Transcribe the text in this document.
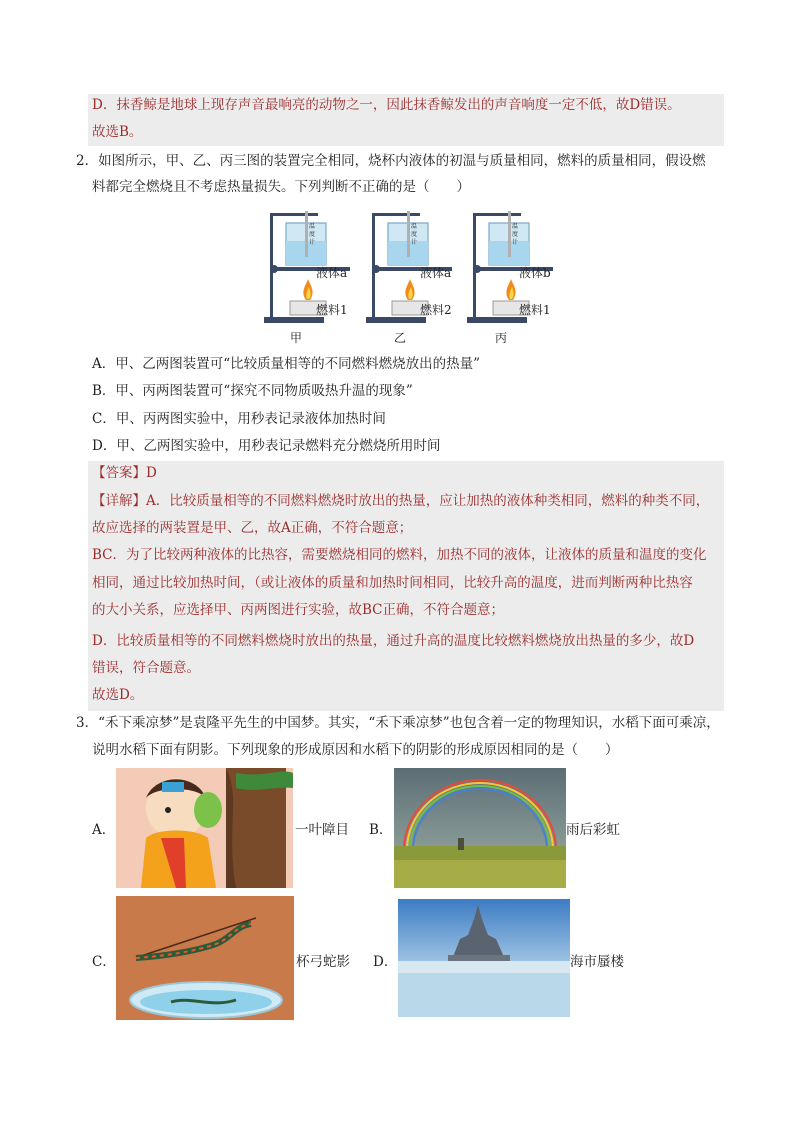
D．抹香鲸是地球上现存声音最响亮的动物之一，因此抹香鲸发出的声音响度一定不低，故D错误。
故选B。
2．如图所示，甲、乙、丙三图的装置完全相同，烧杯内液体的初温与质量相同，燃料的质量相同，假设燃
料都完全燃烧且不考虑热量损失。下列判断不正确的是（　　）
温度计
液体a
燃料1
甲
温度计
液体a
燃料2
乙
温度计
液体b
燃料1
丙
A．甲、乙两图装置可“比较质量相等的不同燃料燃烧放出的热量”
B．甲、丙两图装置可“探究不同物质吸热升温的现象”
C．甲、丙两图实验中，用秒表记录液体加热时间
D．甲、乙两图实验中，用秒表记录燃料充分燃烧所用时间
【答案】D
【详解】A．比较质量相等的不同燃料燃烧时放出的热量，应让加热的液体种类相同，燃料的种类不同，
故应选择的两装置是甲、乙，故A正确，不符合题意；
BC．为了比较两种液体的比热容，需要燃烧相同的燃料，加热不同的液体，让液体的质量和温度的变化
相同，通过比较加热时间，（或让液体的质量和加热时间相同，比较升高的温度，进而判断两种比热容
的大小关系，应选择甲、丙两图进行实验，故BC正确，不符合题意；
D．比较质量相等的不同燃料燃烧时放出的热量，通过升高的温度比较燃料燃烧放出热量的多少，故D
错误，符合题意。
故选D。
3．“禾下乘凉梦”是袁隆平先生的中国梦。其实，“禾下乘凉梦”也包含着一定的物理知识，水稻下面可乘凉，
说明水稻下面有阴影。下列现象的形成原因和水稻下的阴影的形成原因相同的是（　　）
A．	一叶障目 B．	雨后彩虹
C．	杯弓蛇影 D．	海市蜃楼
